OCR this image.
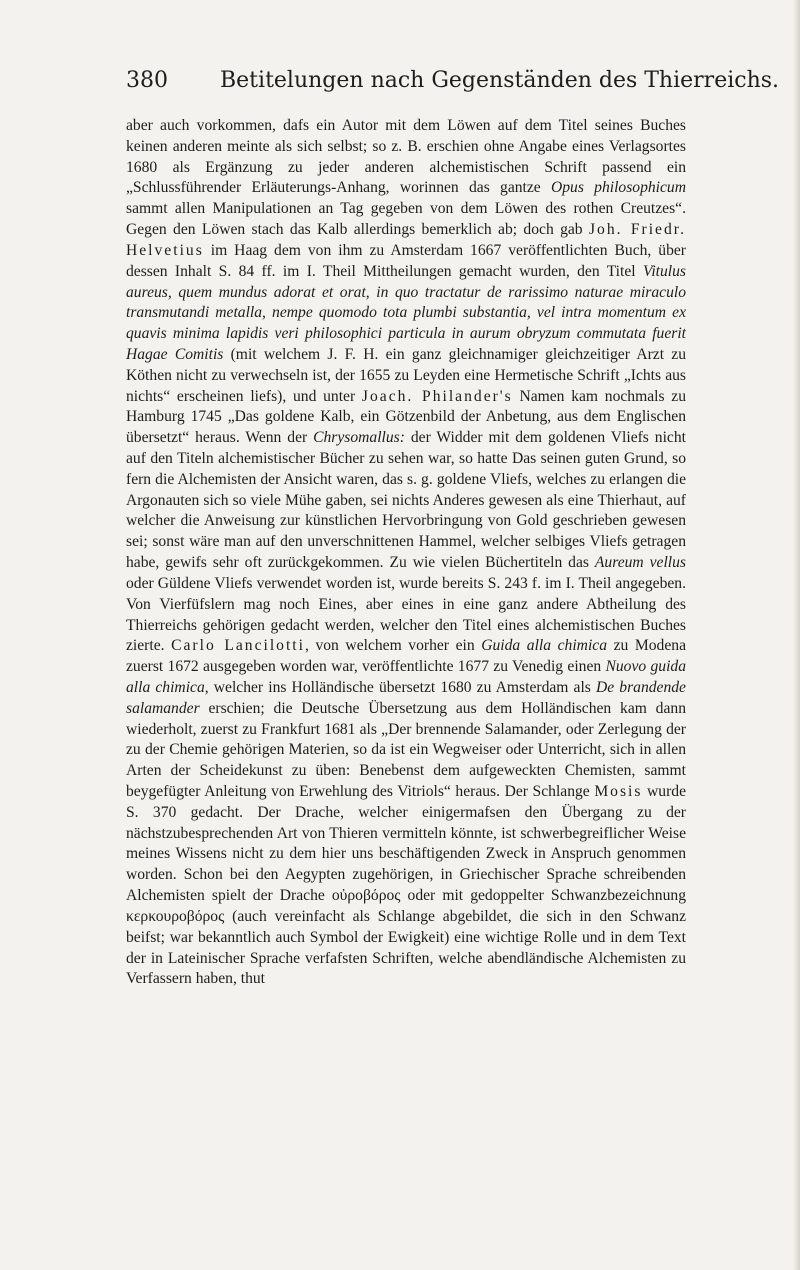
380 Betitelungen nach Gegenständen des Thierreichs.

aber auch vorkommen, dafs ein Autor mit dem Löwen auf dem Titel seines Buches keinen anderen meinte als sich selbst; so z. B. erschien ohne Angabe eines Verlagsortes 1680 als Ergänzung zu jeder anderen alchemistischen Schrift passend ein „Schlussführender Erläuterungs-Anhang, worinnen das gantze Opus philosophicum sammt allen Manipulationen an Tag gegeben von dem Löwen des rothen Creutzes“. Gegen den Löwen stach das Kalb allerdings bemerklich ab; doch gab Joh. Friedr. Helvetius im Haag dem von ihm zu Amsterdam 1667 veröffentlichten Buch, über dessen Inhalt S. 84 ff. im I. Theil Mittheilungen gemacht wurden, den Titel Vitulus aureus, quem mundus adorat et orat, in quo tractatur de rarissimo naturae miraculo transmutandi metalla, nempe quomodo tota plumbi substantia, vel intra momentum ex quavis minima lapidis veri philosophici particula in aurum obryzum commutata fuerit Hagae Comitis (mit welchem J. F. H. ein ganz gleichnamiger gleichzeitiger Arzt zu Köthen nicht zu verwechseln ist, der 1655 zu Leyden eine Hermetische Schrift „Ichts aus nichts“ erscheinen liefs), und unter Joach. Philander's Namen kam nochmals zu Hamburg 1745 „Das goldene Kalb, ein Götzenbild der Anbetung, aus dem Englischen übersetzt“ heraus. Wenn der Chrysomallus: der Widder mit dem goldenen Vliefs nicht auf den Titeln alchemistischer Bücher zu sehen war, so hatte Das seinen guten Grund, so fern die Alchemisten der Ansicht waren, das s. g. goldene Vliefs, welches zu erlangen die Argonauten sich so viele Mühe gaben, sei nichts Anderes gewesen als eine Thierhaut, auf welcher die Anweisung zur künstlichen Hervorbringung von Gold geschrieben gewesen sei; sonst wäre man auf den unverschnittenen Hammel, welcher selbiges Vliefs getragen habe, gewifs sehr oft zurückgekommen. Zu wie vielen Büchertiteln das Aureum vellus oder Güldene Vliefs verwendet worden ist, wurde bereits S. 243 f. im I. Theil angegeben. Von Vierfüfslern mag noch Eines, aber eines in eine ganz andere Abtheilung des Thierreichs gehörigen gedacht werden, welcher den Titel eines alchemistischen Buches zierte. Carlo Lancilotti, von welchem vorher ein Guida alla chimica zu Modena zuerst 1672 ausgegeben worden war, veröffentlichte 1677 zu Venedig einen Nuovo guida alla chimica, welcher ins Holländische übersetzt 1680 zu Amsterdam als De brandende salamander erschien; die Deutsche Übersetzung aus dem Holländischen kam dann wiederholt, zuerst zu Frankfurt 1681 als „Der brennende Salamander, oder Zerlegung der zu der Chemie gehörigen Materien, so da ist ein Wegweiser oder Unterricht, sich in allen Arten der Scheidekunst zu üben: Benebenst dem aufgeweckten Chemisten, sammt beygefügter Anleitung von Erwehlung des Vitriols“ heraus. Der Schlange Mosis wurde S. 370 gedacht. Der Drache, welcher einigermafsen den Übergang zu der nächstzubesprechenden Art von Thieren vermitteln könnte, ist schwerbegreiflicher Weise meines Wissens nicht zu dem hier uns beschäftigenden Zweck in Anspruch genommen worden. Schon bei den Aegypten zugehörigen, in Griechischer Sprache schreibenden Alchemisten spielt der Drache οὐροβόρος oder mit gedoppelter Schwanzbezeichnung κερκουροβόρος (auch vereinfacht als Schlange abgebildet, die sich in den Schwanz beifst; war bekanntlich auch Symbol der Ewigkeit) eine wichtige Rolle und in dem Text der in Lateinischer Sprache verfafsten Schriften, welche abendländische Alchemisten zu Verfassern haben, thut
